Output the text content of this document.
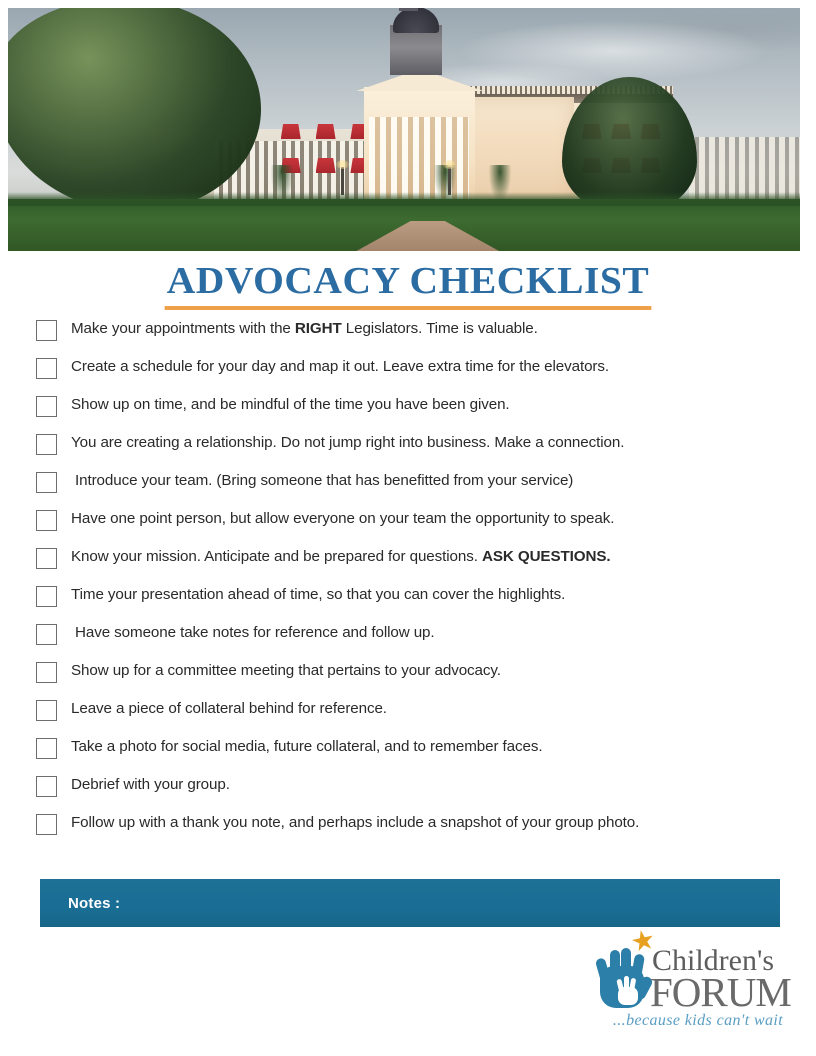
ADVOCACY CHECKLIST
Make your appointments with the RIGHT Legislators. Time is valuable.
Create a schedule for your day and map it out. Leave extra time for the elevators.
Show up on time, and be mindful of the time you have been given.
You are creating a relationship. Do not jump right into business. Make a connection.
Introduce your team. (Bring someone that has benefitted from your service)
Have one point person, but allow everyone on your team the opportunity to speak.
Know your mission. Anticipate and be prepared for questions. ASK QUESTIONS.
Time your presentation ahead of time, so that you can cover the highlights.
Have someone take notes for reference and follow up.
Show up for a committee meeting that pertains to your advocacy.
Leave a piece of collateral behind for reference.
Take a photo for social media, future collateral, and to remember faces.
Debrief with your group.
Follow up with a thank you note, and perhaps include a snapshot of your group photo.
Notes :
Children's
FORUM
...because kids can't wait
